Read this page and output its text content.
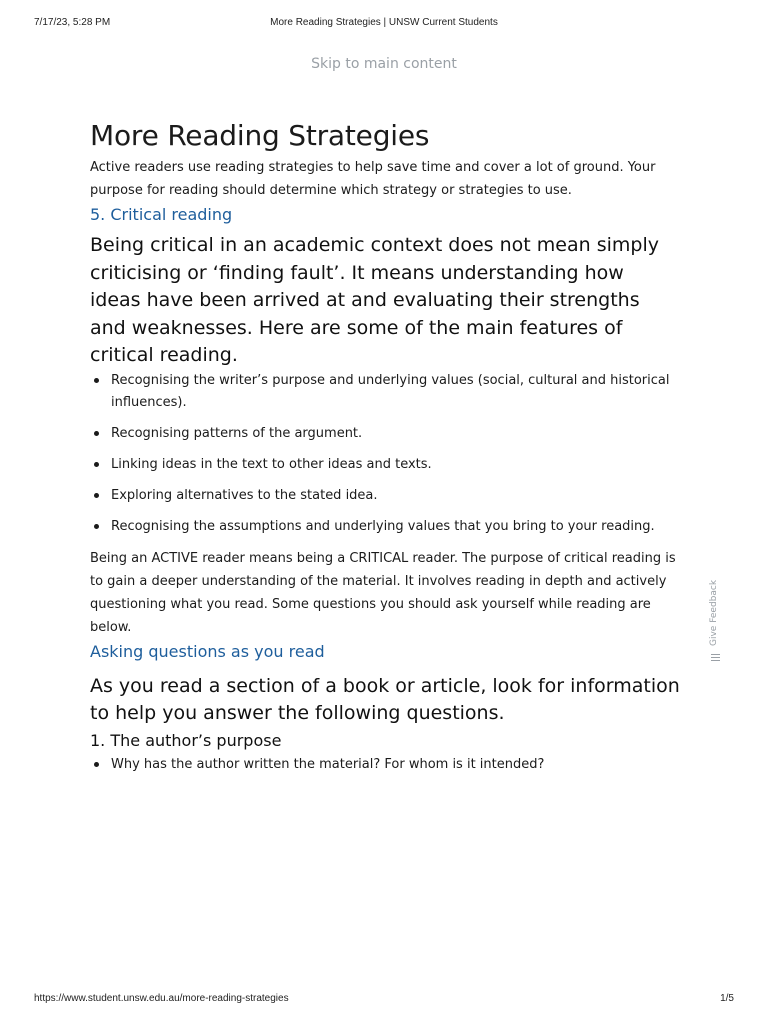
7/17/23, 5:28 PM	More Reading Strategies | UNSW Current Students
Skip to main content
More Reading Strategies

Active readers use reading strategies to help save time and cover a lot of ground. Your purpose for reading should determine which strategy or strategies to use.

5. Critical reading

Being critical in an academic context does not mean simply criticising or ‘finding fault’. It means understanding how ideas have been arrived at and evaluating their strengths and weaknesses. Here are some of the main features of critical reading.

Recognising the writer’s purpose and underlying values (social, cultural and historical influences).
Recognising patterns of the argument.
Linking ideas in the text to other ideas and texts.
Exploring alternatives to the stated idea.
Recognising the assumptions and underlying values that you bring to your reading.

Being an ACTIVE reader means being a CRITICAL reader. The purpose of critical reading is to gain a deeper understanding of the material. It involves reading in depth and actively questioning what you read. Some questions you should ask yourself while reading are below.

Asking questions as you read

As you read a section of a book or article, look for information to help you answer the following questions.

1. The author’s purpose
Why has the author written the material? For whom is it intended?
Give Feedback
https://www.student.unsw.edu.au/more-reading-strategies	1/5
